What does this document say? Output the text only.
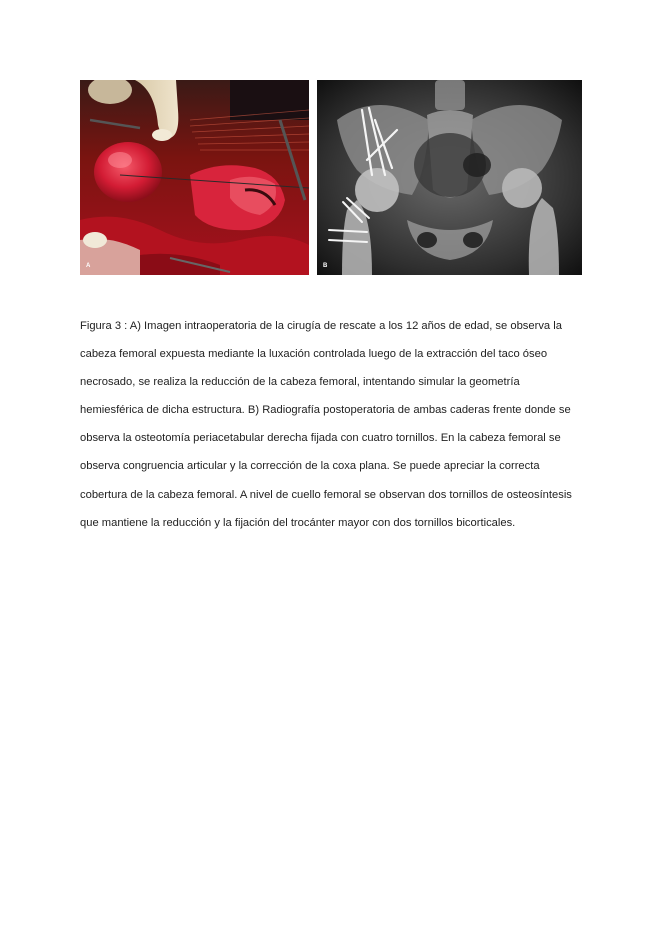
A	B

Figura 3 : A) Imagen intraoperatoria de la cirugía de rescate a los 12 años de edad, se observa la cabeza femoral expuesta mediante la luxación controlada luego de la extracción del taco óseo necrosado, se realiza la reducción de la cabeza femoral, intentando simular la geometría hemiesférica de dicha estructura. B) Radiografía postoperatoria de ambas caderas frente donde se observa la osteotomía periacetabular derecha fijada con cuatro tornillos. En la cabeza femoral se observa congruencia articular y la corrección de la coxa plana. Se puede apreciar la correcta cobertura de la cabeza femoral. A nivel de cuello femoral se observan dos tornillos de osteosíntesis que mantiene la reducción y la fijación del trocánter mayor con dos tornillos bicorticales.
